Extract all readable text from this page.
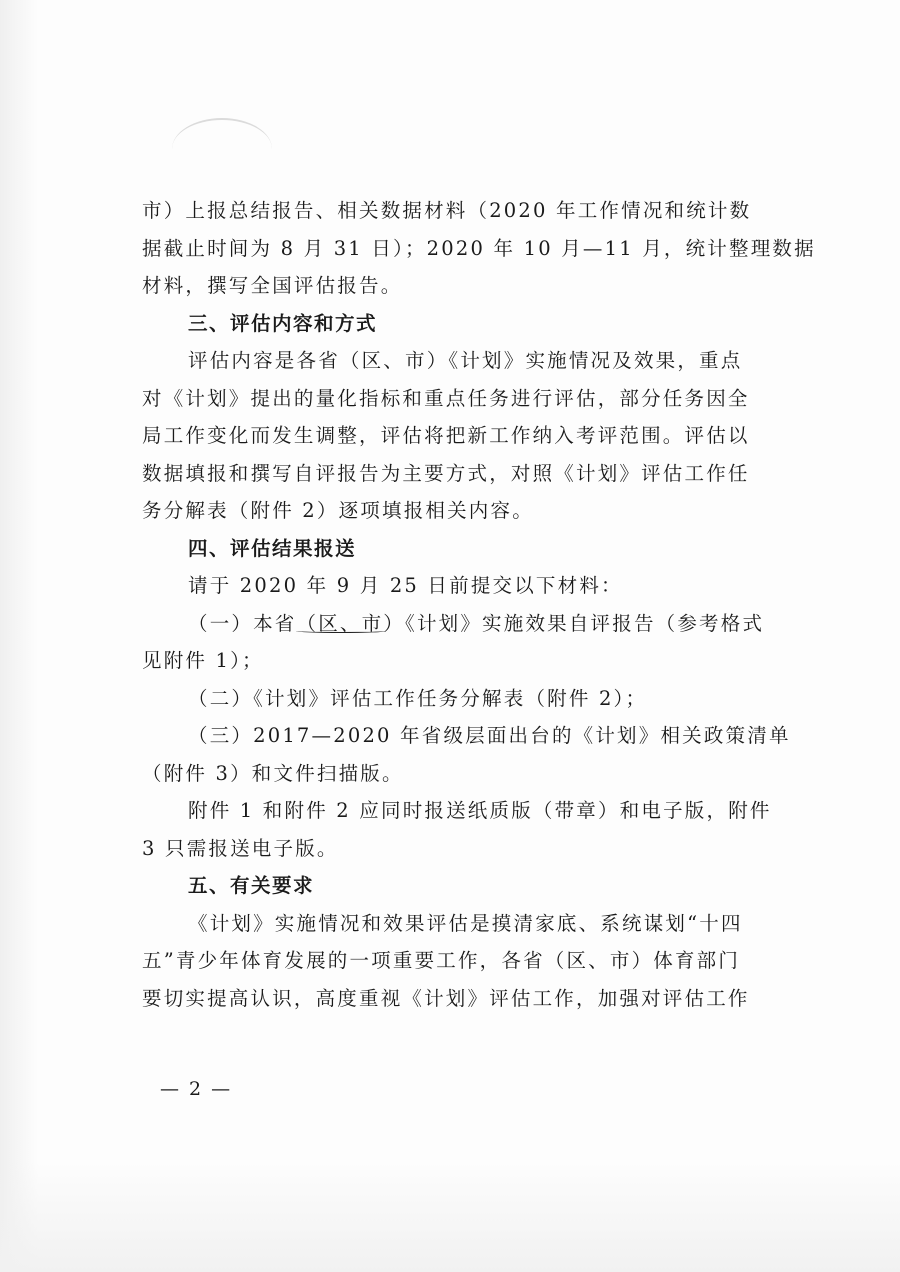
市）上报总结报告、相关数据材料（2020 年工作情况和统计数
据截止时间为 8 月 31 日）；2020 年 10 月—11 月，统计整理数据
材料，撰写全国评估报告。
三、评估内容和方式
评估内容是各省（区、市）《计划》实施情况及效果，重点
对《计划》提出的量化指标和重点任务进行评估，部分任务因全
局工作变化而发生调整，评估将把新工作纳入考评范围。评估以
数据填报和撰写自评报告为主要方式，对照《计划》评估工作任
务分解表（附件 2）逐项填报相关内容。
四、评估结果报送
请于 2020 年 9 月 25 日前提交以下材料：
（一）本省（区、市）《计划》实施效果自评报告（参考格式
见附件 1）；
（二）《计划》评估工作任务分解表（附件 2）；
（三）2017—2020 年省级层面出台的《计划》相关政策清单
（附件 3）和文件扫描版。
附件 1 和附件 2 应同时报送纸质版（带章）和电子版，附件
3 只需报送电子版。
五、有关要求
《计划》实施情况和效果评估是摸清家底、系统谋划“十四
五”青少年体育发展的一项重要工作，各省（区、市）体育部门
要切实提高认识，高度重视《计划》评估工作，加强对评估工作
— 2 —
